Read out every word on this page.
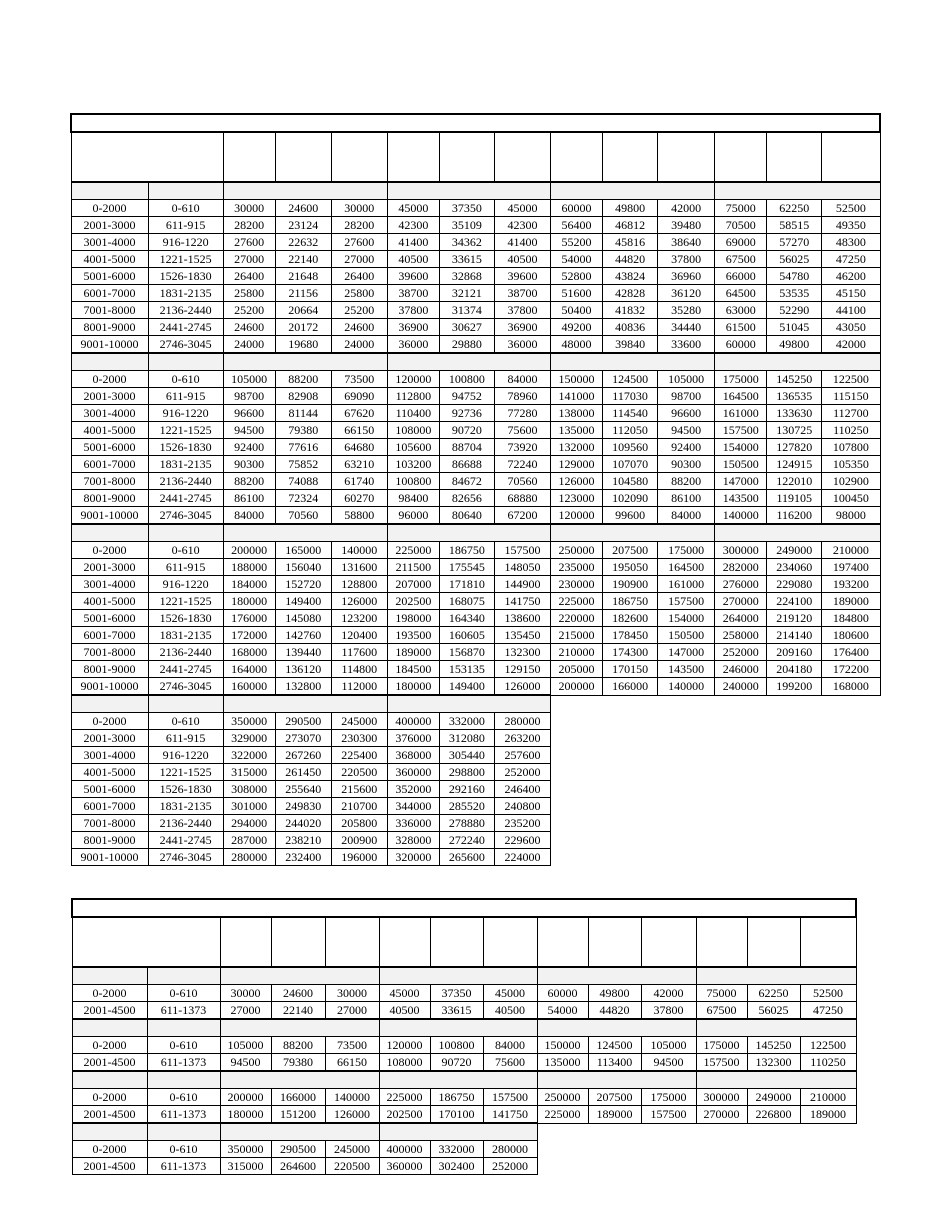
0-2000	0-610	30000	24600	30000	45000	37350	45000	60000	49800	42000	75000	62250	52500
2001-3000	611-915	28200	23124	28200	42300	35109	42300	56400	46812	39480	70500	58515	49350
3001-4000	916-1220	27600	22632	27600	41400	34362	41400	55200	45816	38640	69000	57270	48300
4001-5000	1221-1525	27000	22140	27000	40500	33615	40500	54000	44820	37800	67500	56025	47250
5001-6000	1526-1830	26400	21648	26400	39600	32868	39600	52800	43824	36960	66000	54780	46200
6001-7000	1831-2135	25800	21156	25800	38700	32121	38700	51600	42828	36120	64500	53535	45150
7001-8000	2136-2440	25200	20664	25200	37800	31374	37800	50400	41832	35280	63000	52290	44100
8001-9000	2441-2745	24600	20172	24600	36900	30627	36900	49200	40836	34440	61500	51045	43050
9001-10000	2746-3045	24000	19680	24000	36000	29880	36000	48000	39840	33600	60000	49800	42000

0-2000	0-610	105000	88200	73500	120000	100800	84000	150000	124500	105000	175000	145250	122500
2001-3000	611-915	98700	82908	69090	112800	94752	78960	141000	117030	98700	164500	136535	115150
3001-4000	916-1220	96600	81144	67620	110400	92736	77280	138000	114540	96600	161000	133630	112700
4001-5000	1221-1525	94500	79380	66150	108000	90720	75600	135000	112050	94500	157500	130725	110250
5001-6000	1526-1830	92400	77616	64680	105600	88704	73920	132000	109560	92400	154000	127820	107800
6001-7000	1831-2135	90300	75852	63210	103200	86688	72240	129000	107070	90300	150500	124915	105350
7001-8000	2136-2440	88200	74088	61740	100800	84672	70560	126000	104580	88200	147000	122010	102900
8001-9000	2441-2745	86100	72324	60270	98400	82656	68880	123000	102090	86100	143500	119105	100450
9001-10000	2746-3045	84000	70560	58800	96000	80640	67200	120000	99600	84000	140000	116200	98000

0-2000	0-610	200000	165000	140000	225000	186750	157500	250000	207500	175000	300000	249000	210000
2001-3000	611-915	188000	156040	131600	211500	175545	148050	235000	195050	164500	282000	234060	197400
3001-4000	916-1220	184000	152720	128800	207000	171810	144900	230000	190900	161000	276000	229080	193200
4001-5000	1221-1525	180000	149400	126000	202500	168075	141750	225000	186750	157500	270000	224100	189000
5001-6000	1526-1830	176000	145080	123200	198000	164340	138600	220000	182600	154000	264000	219120	184800
6001-7000	1831-2135	172000	142760	120400	193500	160605	135450	215000	178450	150500	258000	214140	180600
7001-8000	2136-2440	168000	139440	117600	189000	156870	132300	210000	174300	147000	252000	209160	176400
8001-9000	2441-2745	164000	136120	114800	184500	153135	129150	205000	170150	143500	246000	204180	172200
9001-10000	2746-3045	160000	132800	112000	180000	149400	126000	200000	166000	140000	240000	199200	168000

0-2000	0-610	350000	290500	245000	400000	332000	280000						
2001-3000	611-915	329000	273070	230300	376000	312080	263200						
3001-4000	916-1220	322000	267260	225400	368000	305440	257600						
4001-5000	1221-1525	315000	261450	220500	360000	298800	252000						
5001-6000	1526-1830	308000	255640	215600	352000	292160	246400						
6001-7000	1831-2135	301000	249830	210700	344000	285520	240800						
7001-8000	2136-2440	294000	244020	205800	336000	278880	235200						
8001-9000	2441-2745	287000	238210	200900	328000	272240	229600						
9001-10000	2746-3045	280000	232400	196000	320000	265600	224000						

0-2000	0-610	30000	24600	30000	45000	37350	45000	60000	49800	42000	75000	62250	52500
2001-4500	611-1373	27000	22140	27000	40500	33615	40500	54000	44820	37800	67500	56025	47250

0-2000	0-610	105000	88200	73500	120000	100800	84000	150000	124500	105000	175000	145250	122500
2001-4500	611-1373	94500	79380	66150	108000	90720	75600	135000	113400	94500	157500	132300	110250

0-2000	0-610	200000	166000	140000	225000	186750	157500	250000	207500	175000	300000	249000	210000
2001-4500	611-1373	180000	151200	126000	202500	170100	141750	225000	189000	157500	270000	226800	189000

0-2000	0-610	350000	290500	245000	400000	332000	280000						
2001-4500	611-1373	315000	264600	220500	360000	302400	252000						
